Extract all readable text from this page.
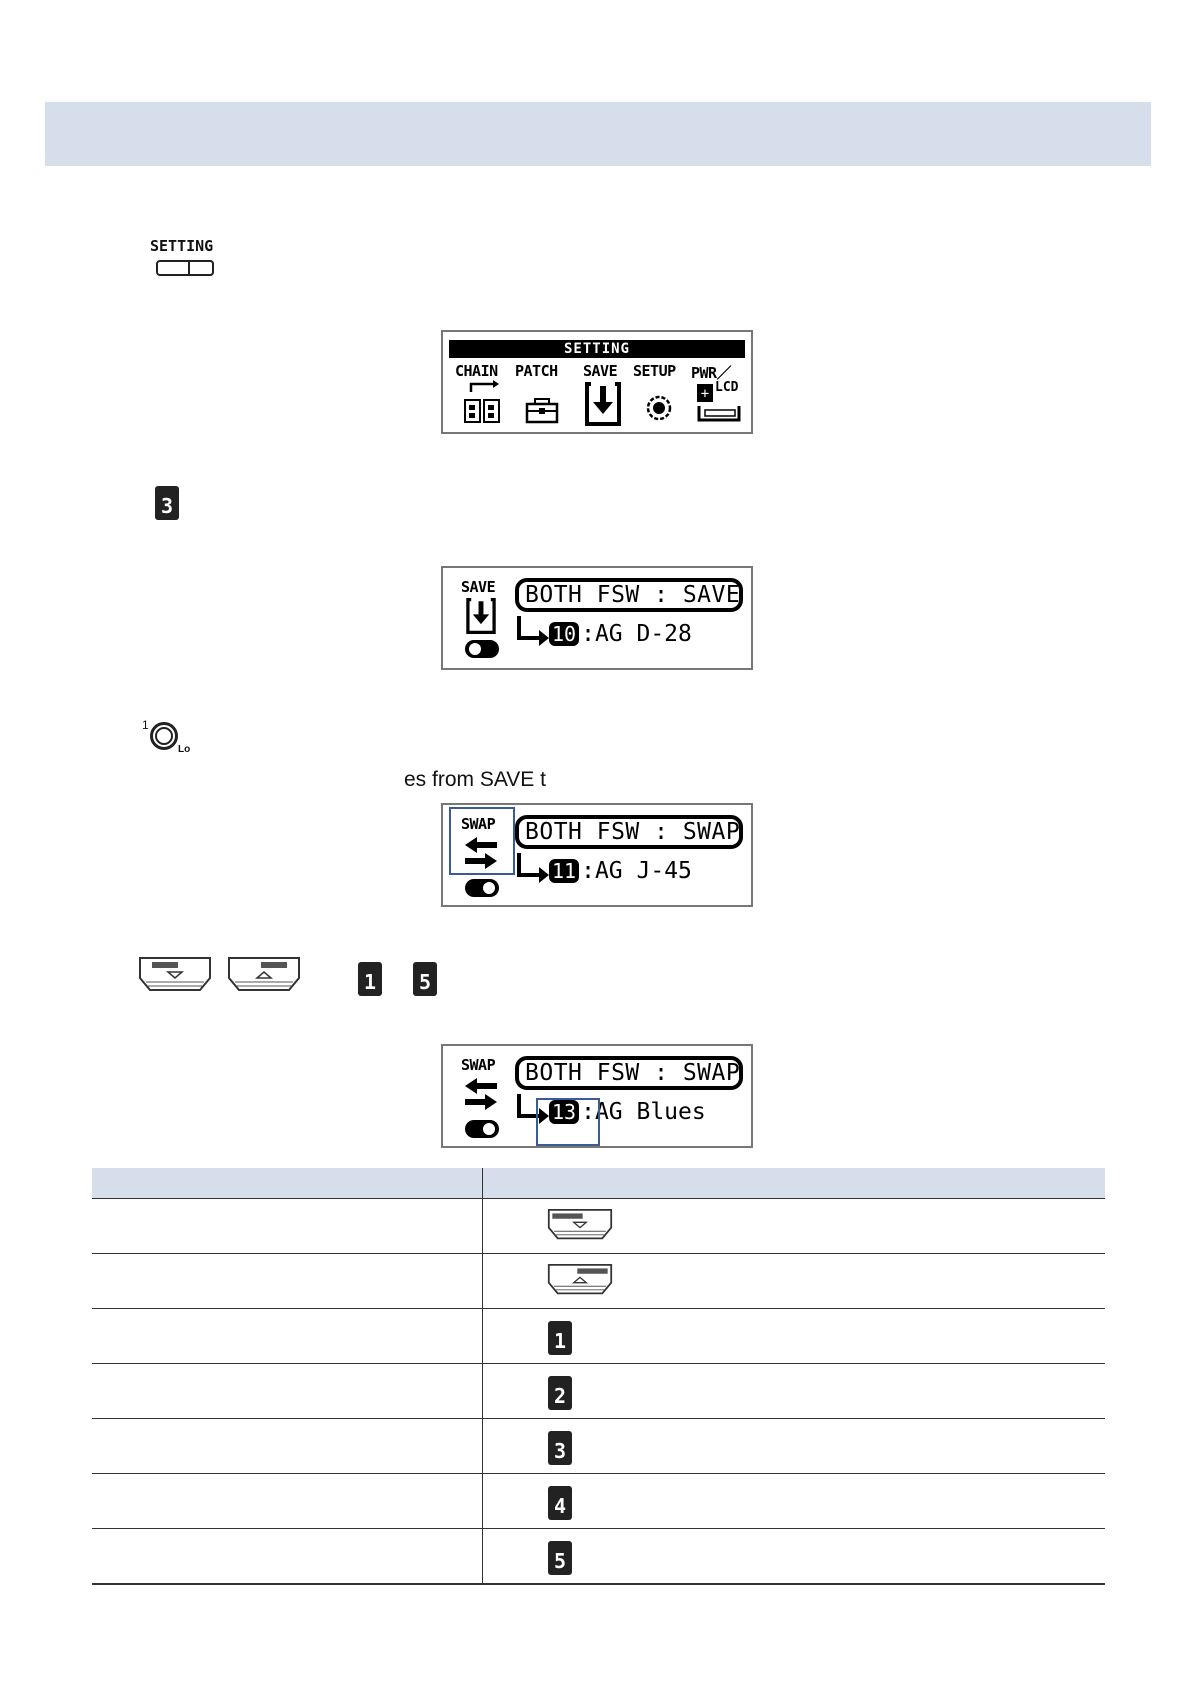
SETTING
SETTING
CHAIN PATCH SAVE SETUP PWR／
LCD
+
•••• 3
SAVE	BOTH FSW : SAVE
10 :AG D-28
1
Lo
es from SAVE t
SWAP	BOTH FSW : SWAP
11 :AG J-45
•••• 1
•••• 5
SWAP	BOTH FSW : SWAP
13 :AG Blues
•••• 1
•••• 2
•••• 3
•••• 4
•••• 5
